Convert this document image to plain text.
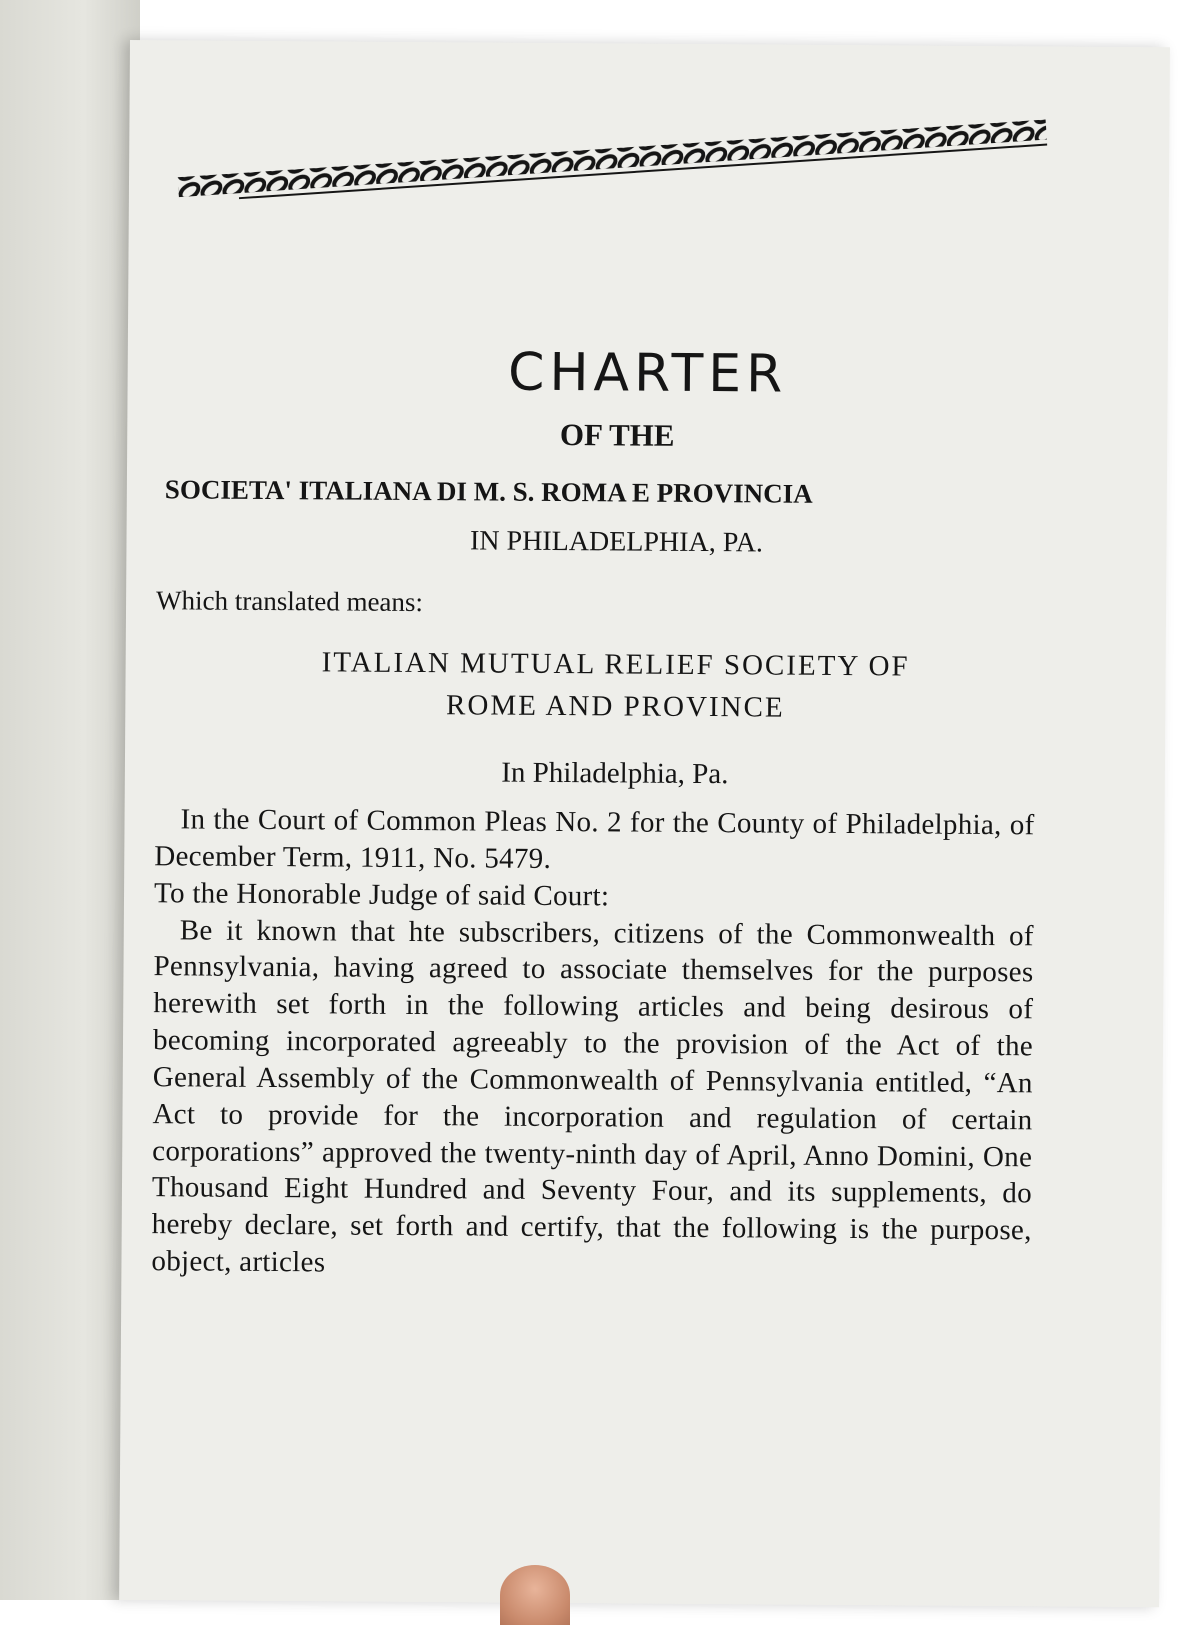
CHARTER
OF THE
SOCIETA' ITALIANA DI M. S. ROMA E PROVINCIA
IN PHILADELPHIA, PA.
Which translated means:
ITALIAN MUTUAL RELIEF SOCIETY OF
ROME AND PROVINCE
In Philadelphia, Pa.

In the Court of Common Pleas No. 2 for the County of Philadelphia, of December Term, 1911, No. 5479.

To the Honorable Judge of said Court:

Be it known that hte subscribers, citizens of the Commonwealth of Pennsylvania, having agreed to associate themselves for the purposes herewith set forth in the following articles and being desirous of becoming incorporated agreeably to the provision of the Act of the General Assembly of the Commonwealth of Pennsylvania entitled, “An Act to provide for the incorporation and regulation of certain corporations” approved the twenty-ninth day of April, Anno Domini, One Thousand Eight Hundred and Seventy Four, and its supplements, do hereby declare, set forth and certify, that the following is the purpose, object, articles
